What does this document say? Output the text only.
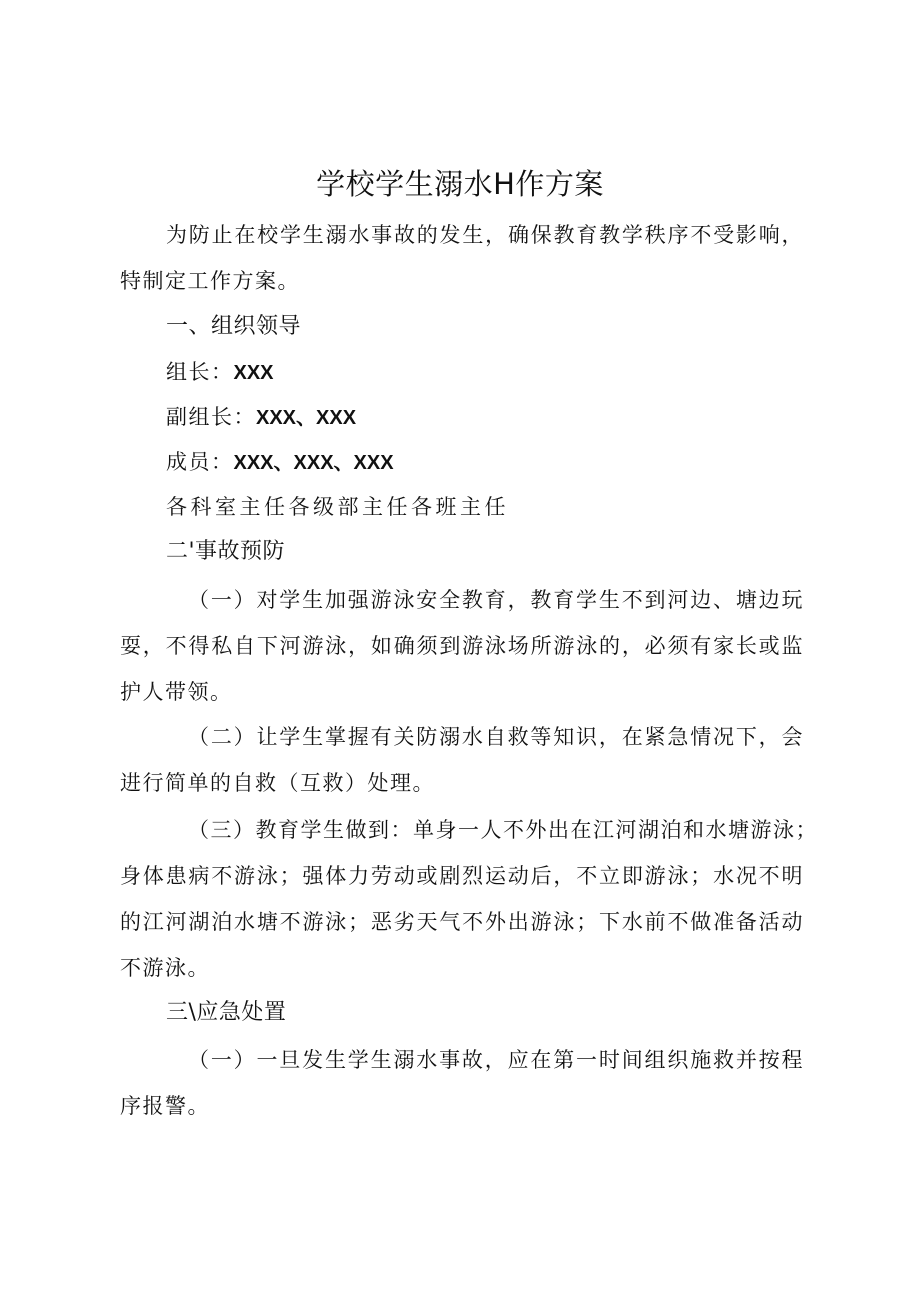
学校学生溺水H作方案
为防止在校学生溺水事故的发生，确保教育教学秩序不受影响，
特制定工作方案。
一、组织领导
组长：XXX
副组长：XXX、XXX
成员：XXX、XXX、XXX
各科室主任各级部主任各班主任
二'事故预防
（一）对学生加强游泳安全教育，教育学生不到河边、塘边玩
耍，不得私自下河游泳，如确须到游泳场所游泳的，必须有家长或监
护人带领。
（二）让学生掌握有关防溺水自救等知识，在紧急情况下，会
进行简单的自救（互救）处理。
（三）教育学生做到：单身一人不外出在江河湖泊和水塘游泳；
身体患病不游泳；强体力劳动或剧烈运动后，不立即游泳；水况不明
的江河湖泊水塘不游泳；恶劣天气不外出游泳；下水前不做准备活动
不游泳。
三\应急处置
（一）一旦发生学生溺水事故，应在第一时间组织施救并按程
序报警。
